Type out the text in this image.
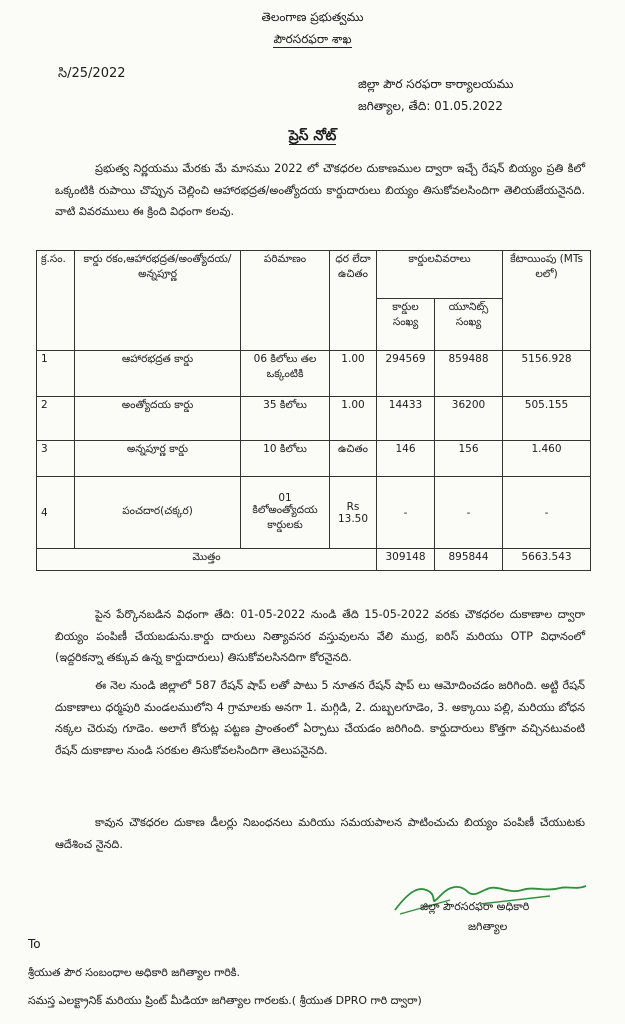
తెలంగాణ ప్రభుత్వము
పౌరసరఫరా శాఖ
సి/25/2022
జిల్లా పౌర సరఫరా కార్యాలయము
జగిత్యాల, తేది: 01.05.2022
ప్రెస్ నోట్
ప్రభుత్వ నిర్ణయము మేరకు మే మాసము 2022 లో చౌకధరల దుకాణముల ద్వారా ఇచ్చే రేషన్ బియ్యం ప్రతి కిలో ఒక్కంటికి రుపాయి చొప్పున చెల్లించి ఆహారభద్రత/అంత్యోదయ కార్డుదారులు బియ్యం తిసుకోవలసిందిగా తెలియజేయనైనది. వాటి వివరములు ఈ క్రింది విధంగా కలవు.
క్ర.సం.	కార్డు రకం,ఆహారభద్రత/అంత్యోదయ/అన్నపూర్ణ	పరిమాణం	ధర లేదా ఉచితం	కార్డులవివరాలు		కేటాయింపు (MTs లలో)
				కార్డుల సంఖ్య	యూనిట్స్ సంఖ్య	
1	ఆహారభద్రత కార్డు	06 కిలోలు తల ఒక్కంటికి	1.00	294569	859488	5156.928
2	అంత్యోదయ కార్డు	35 కిలోలు	1.00	14433	36200	505.155
3	అన్నపూర్ణ కార్డు	10 కిలోలు	ఉచితం	146	156	1.460
4	పంచదార(చక్కర)	01 కిలోఅంత్యోదయ కార్డులకు	Rs 13.50	-	-	-
మొత్తం				309148	895844	5663.543
పైన పేర్కొనబడిన విధంగా తేది: 01-05-2022 నుండి తేది 15-05-2022 వరకు చౌకధరల దుకాణాల ద్వారా బియ్యం పంపిణీ చేయబడును.కార్డు దారులు నిత్యావసర వస్తువులను వేలి ముద్ర, ఐరిస్ మరియు OTP విధానంలో (ఇద్దరికన్నా తక్కువ ఉన్న కార్డుదారులు) తిసుకోవలసినదిగా కోరనైనది.
ఈ నెల నుండి జిల్లాలో 587 రేషన్ షాప్ లతో పాటు 5 నూతన రేషన్ షాప్ లు ఆమోదించడం జరిగింది. అట్టి రేషన్ దుకాణాలు ధర్మపురి మండలములోని 4 గ్రామాలకు అనగా 1. మగ్గిడి, 2. దుబ్బలగూడెం, 3. అక్కాయి పల్లి, మరియు బోధన నక్కల చెరువు గూడెం. అలాగే కోరుట్ల పట్టణ ప్రాంతంలో ఏర్పాటు చేయడం జరిగింది. కార్డుదారులు కొత్తగా వచ్చినటువంటి రేషన్ దుకాణాల నుండి సరకుల తిసుకోవలసిందిగా తెలుపనైనది.
కావున చౌకధరల దుకాణ డీలర్లు నిబంధనలు మరియు సమయపాలన పాటించుచు బియ్యం పంపిణీ చేయుటకు ఆదేశించ నైనది.
జిల్లా పౌరసరఫరా అధికారి
జగిత్యాల
To
శ్రీయుత పౌర సంబంధాల అధికారి జగిత్యాల గారికి.
సమస్త ఎలక్ట్రానిక్ మరియు ప్రింట్ మీడియా జగిత్యాల గారలకు.( శ్రీయుత DPRO గారి ద్వారా)
